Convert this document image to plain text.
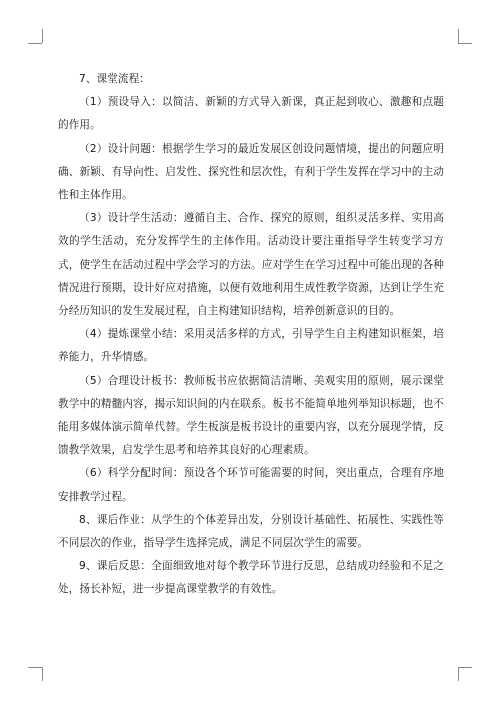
7、课堂流程：

（1）预设导入：以简洁、新颖的方式导入新课，真正起到收心、激趣和点题的作用。

（2）设计问题：根据学生学习的最近发展区创设问题情境，提出的问题应明确、新颖、有导向性、启发性、探究性和层次性，有利于学生发挥在学习中的主动性和主体作用。

（3）设计学生活动：遵循自主、合作、探究的原则，组织灵活多样、实用高效的学生活动，充分发挥学生的主体作用。活动设计要注重指导学生转变学习方式，使学生在活动过程中学会学习的方法。应对学生在学习过程中可能出现的各种情况进行预期，设计好应对措施，以便有效地利用生成性教学资源，达到让学生充分经历知识的发生发展过程，自主构建知识结构，培养创新意识的目的。

（4）提炼课堂小结：采用灵活多样的方式，引导学生自主构建知识框架，培养能力，升华情感。

（5）合理设计板书：教师板书应依据简洁清晰、美观实用的原则，展示课堂教学中的精髓内容，揭示知识间的内在联系。板书不能简单地列举知识标题，也不能用多媒体演示简单代替。学生板演是板书设计的重要内容，以充分展现学情，反馈教学效果，启发学生思考和培养其良好的心理素质。

（6）科学分配时间：预设各个环节可能需要的时间，突出重点，合理有序地安排教学过程。

8、课后作业：从学生的个体差异出发，分别设计基础性、拓展性、实践性等不同层次的作业，指导学生选择完成，满足不同层次学生的需要。

9、课后反思：全面细致地对每个教学环节进行反思，总结成功经验和不足之处，扬长补短，进一步提高课堂教学的有效性。
